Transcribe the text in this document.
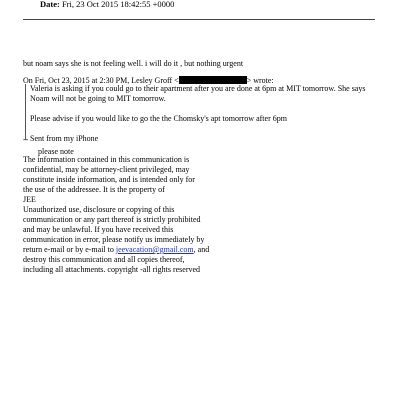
Date: Fri, 23 Oct 2015 18:42:55 +0000
but noam says she is not feeling well. i will do it , but nothing urgent
On Fri, Oct 23, 2015 at 2:30 PM, Lesley Groff <	> wrote:
Valeria is asking if you could go to their apartment after you are done at 6pm at MIT tomorrow. She says
Noam will not be going to MIT tomorrow.
Please advise if you would like to go the the Chomsky's apt tomorrow after 6pm
Sent from my iPhone
--
please note
The information contained in this communication is
confidential, may be attorney-client privileged, may
constitute inside information, and is intended only for
the use of the addressee. It is the property of
JEE
Unauthorized use, disclosure or copying of this
communication or any part thereof is strictly prohibited
and may be unlawful. If you have received this
communication in error, please notify us immediately by
return e-mail or by e-mail to jeevacation@gmail.com, and
destroy this communication and all copies thereof,
including all attachments. copyright -all rights reserved
